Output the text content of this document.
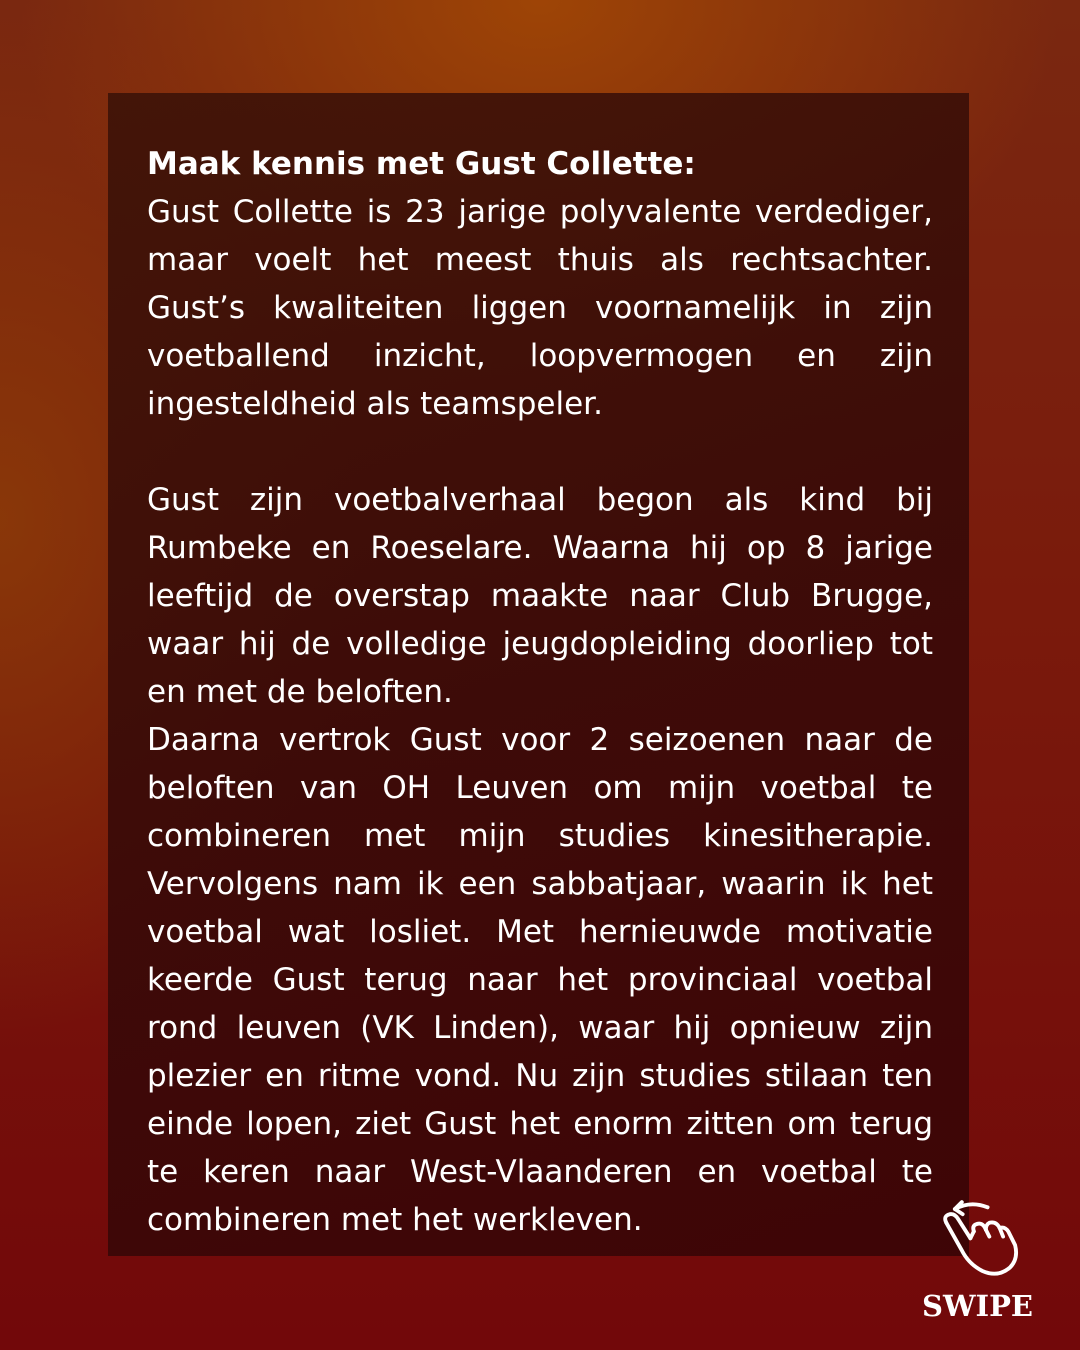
Maak kennis met Gust Collette:

Gust Collette is 23 jarige polyvalente verdediger, maar voelt het meest thuis als rechtsachter. Gust’s kwaliteiten liggen voornamelijk in zijn voetballend inzicht, loopvermogen en zijn ingesteldheid als teamspeler.

Gust zijn voetbalverhaal begon als kind bij Rumbeke en Roeselare. Waarna hij op 8 jarige leeftijd de overstap maakte naar Club Brugge, waar hij de volledige jeugdopleiding doorliep tot en met de beloften.

Daarna vertrok Gust voor 2 seizoenen naar de beloften van OH Leuven om mijn voetbal te combineren met mijn studies kinesitherapie. Vervolgens nam ik een sabbatjaar, waarin ik het voetbal wat losliet. Met hernieuwde motivatie keerde Gust terug naar het provinciaal voetbal rond leuven (VK Linden), waar hij opnieuw zijn plezier en ritme vond. Nu zijn studies stilaan ten einde lopen, ziet Gust het enorm zitten om terug te keren naar West-Vlaanderen en voetbal te combineren met het werkleven.

SWIPE
